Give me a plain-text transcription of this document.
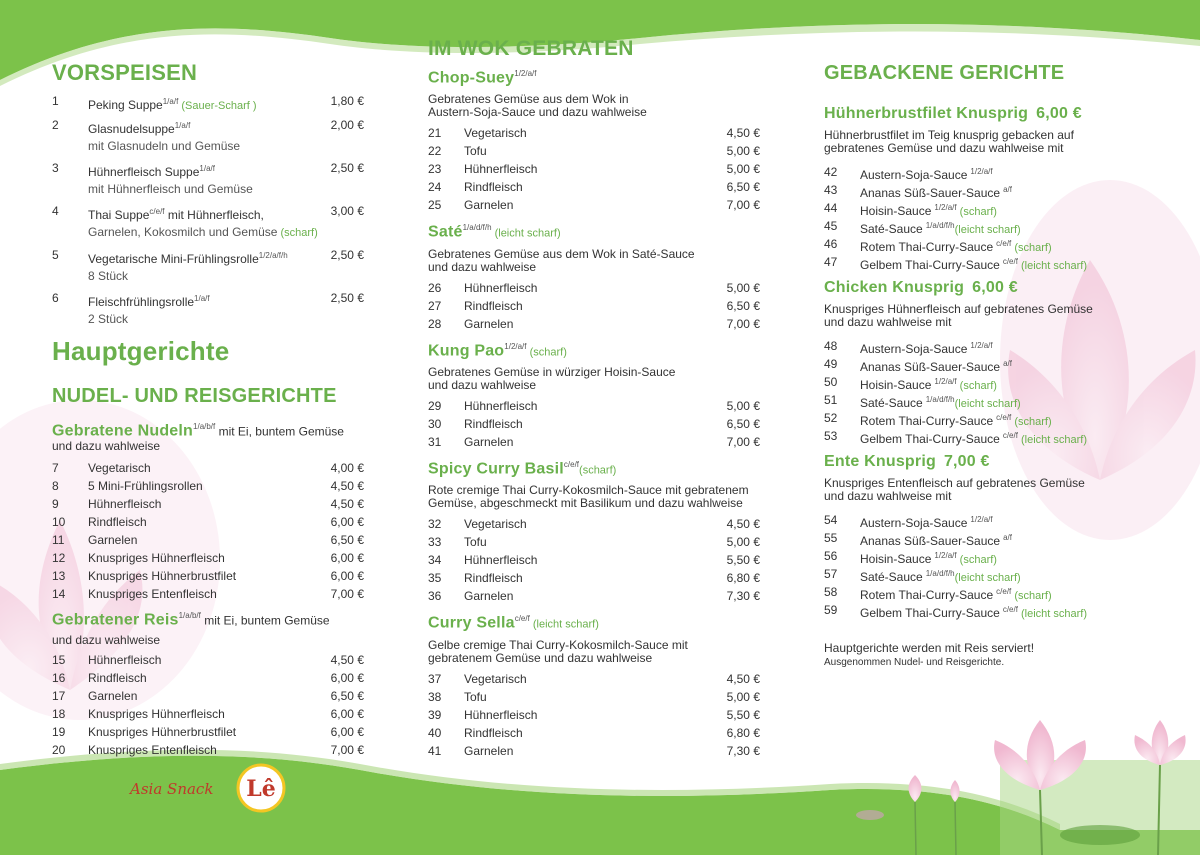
Asia Snack Lê
VORSPEISEN
1 Peking Suppe$^{1/a/f}$ (Sauer-Scharf )	1,80 €
2 Glasnudelsuppe$^{1/a/f}$
mit Glasnudeln und Gemüse
2,00 €
3 Hühnerfleisch Suppe$^{1/a/f}$
mit Hühnerfleisch und Gemüse
2,50 €
4 Thai Suppe$^{c/e/f}$ mit Hühnerfleisch,
Garnelen, Kokosmilch und Gemüse (scharf)
3,00 €
5 Vegetarische Mini-Frühlingsrolle$^{1/2/a/f/h}$
8 Stück
2,50 €
6 Fleischfrühlingsrolle$^{1/a/f}$
2 Stück
2,50 €
Hauptgerichte
NUDEL- UND REISGERICHTE
Gebratene Nudeln$^{1/a/b/f}$ mit Ei, buntem Gemüse
und dazu wahlweise
7 Vegetarisch	4,00 €
8 5 Mini-Frühlingsrollen	4,50 €
9 Hühnerfleisch	4,50 €
10 Rindfleisch	6,00 €
11 Garnelen	6,50 €
12 Knuspriges Hühnerfleisch	6,00 €
13 Knuspriges Hühnerbrustfilet	6,00 €
14 Knuspriges Entenfleisch	7,00 €
Gebratener Reis$^{1/a/b/f}$ mit Ei, buntem Gemüse
und dazu wahlweise
15 Hühnerfleisch	4,50 €
16 Rindfleisch	6,00 €
17 Garnelen	6,50 €
18 Knuspriges Hühnerfleisch	6,00 €
19 Knuspriges Hühnerbrustfilet	6,00 €
20 Knuspriges Entenfleisch	7,00 €
IM WOK GEBRATEN
Chop-Suey$^{1/2/a/f}$
Gebratenes Gemüse aus dem Wok in
Austern-Soja-Sauce und dazu wahlweise
21 Vegetarisch	4,50 €
22 Tofu	5,00 €
23 Hühnerfleisch	5,00 €
24 Rindfleisch	6,50 €
25 Garnelen	7,00 €
Saté$^{1/a/d/f/h}$ (leicht scharf)
Gebratenes Gemüse aus dem Wok in Saté-Sauce
und dazu wahlweise
26 Hühnerfleisch	5,00 €
27 Rindfleisch	6,50 €
28 Garnelen	7,00 €
Kung Pao$^{1/2/a/f}$ (scharf)
Gebratenes Gemüse in würziger Hoisin-Sauce
und dazu wahlweise
29 Hühnerfleisch	5,00 €
30 Rindfleisch	6,50 €
31 Garnelen	7,00 €
Spicy Curry Basil$^{c/e/f}$(scharf)
Rote cremige Thai Curry-Kokosmilch-Sauce mit gebratenem
Gemüse, abgeschmeckt mit Basilikum und dazu wahlweise
32 Vegetarisch	4,50 €
33 Tofu	5,00 €
34 Hühnerfleisch	5,50 €
35 Rindfleisch	6,80 €
36 Garnelen	7,30 €
Curry Sella$^{c/e/f}$ (leicht scharf)
Gelbe cremige Thai Curry-Kokosmilch-Sauce mit
gebratenem Gemüse und dazu wahlweise
37 Vegetarisch	4,50 €
38 Tofu	5,00 €
39 Hühnerfleisch	5,50 €
40 Rindfleisch	6,80 €
41 Garnelen	7,30 €
GEBACKENE GERICHTE
Hühnerbrustfilet Knusprig 6,00 €
Hühnerbrustfilet im Teig knusprig gebacken auf
gebratenes Gemüse und dazu wahlweise mit
42 Austern-Soja-Sauce $^{1/2/a/f}$
43 Ananas Süß-Sauer-Sauce $^{a/f}$
44 Hoisin-Sauce $^{1/2/a/f}$ (scharf)
45 Saté-Sauce $^{1/a/d/f/h}$(leicht scharf)
46 Rotem Thai-Curry-Sauce $^{c/e/f}$ (scharf)
47 Gelbem Thai-Curry-Sauce $^{c/e/f}$ (leicht scharf)
Chicken Knusprig 6,00 €
Knuspriges Hühnerfleisch auf gebratenes Gemüse
und dazu wahlweise mit
48 Austern-Soja-Sauce $^{1/2/a/f}$
49 Ananas Süß-Sauer-Sauce $^{a/f}$
50 Hoisin-Sauce $^{1/2/a/f}$ (scharf)
51 Saté-Sauce $^{1/a/d/f/h}$(leicht scharf)
52 Rotem Thai-Curry-Sauce $^{c/e/f}$ (scharf)
53 Gelbem Thai-Curry-Sauce $^{c/e/f}$ (leicht scharf)
Ente Knusprig 7,00 €
Knuspriges Entenfleisch auf gebratenes Gemüse
und dazu wahlweise mit
54 Austern-Soja-Sauce $^{1/2/a/f}$
55 Ananas Süß-Sauer-Sauce $^{a/f}$
56 Hoisin-Sauce $^{1/2/a/f}$ (scharf)
57 Saté-Sauce $^{1/a/d/f/h}$(leicht scharf)
58 Rotem Thai-Curry-Sauce $^{c/e/f}$ (scharf)
59 Gelbem Thai-Curry-Sauce $^{c/e/f}$ (leicht scharf)
Hauptgerichte werden mit Reis serviert!
Ausgenommen Nudel- und Reisgerichte.
